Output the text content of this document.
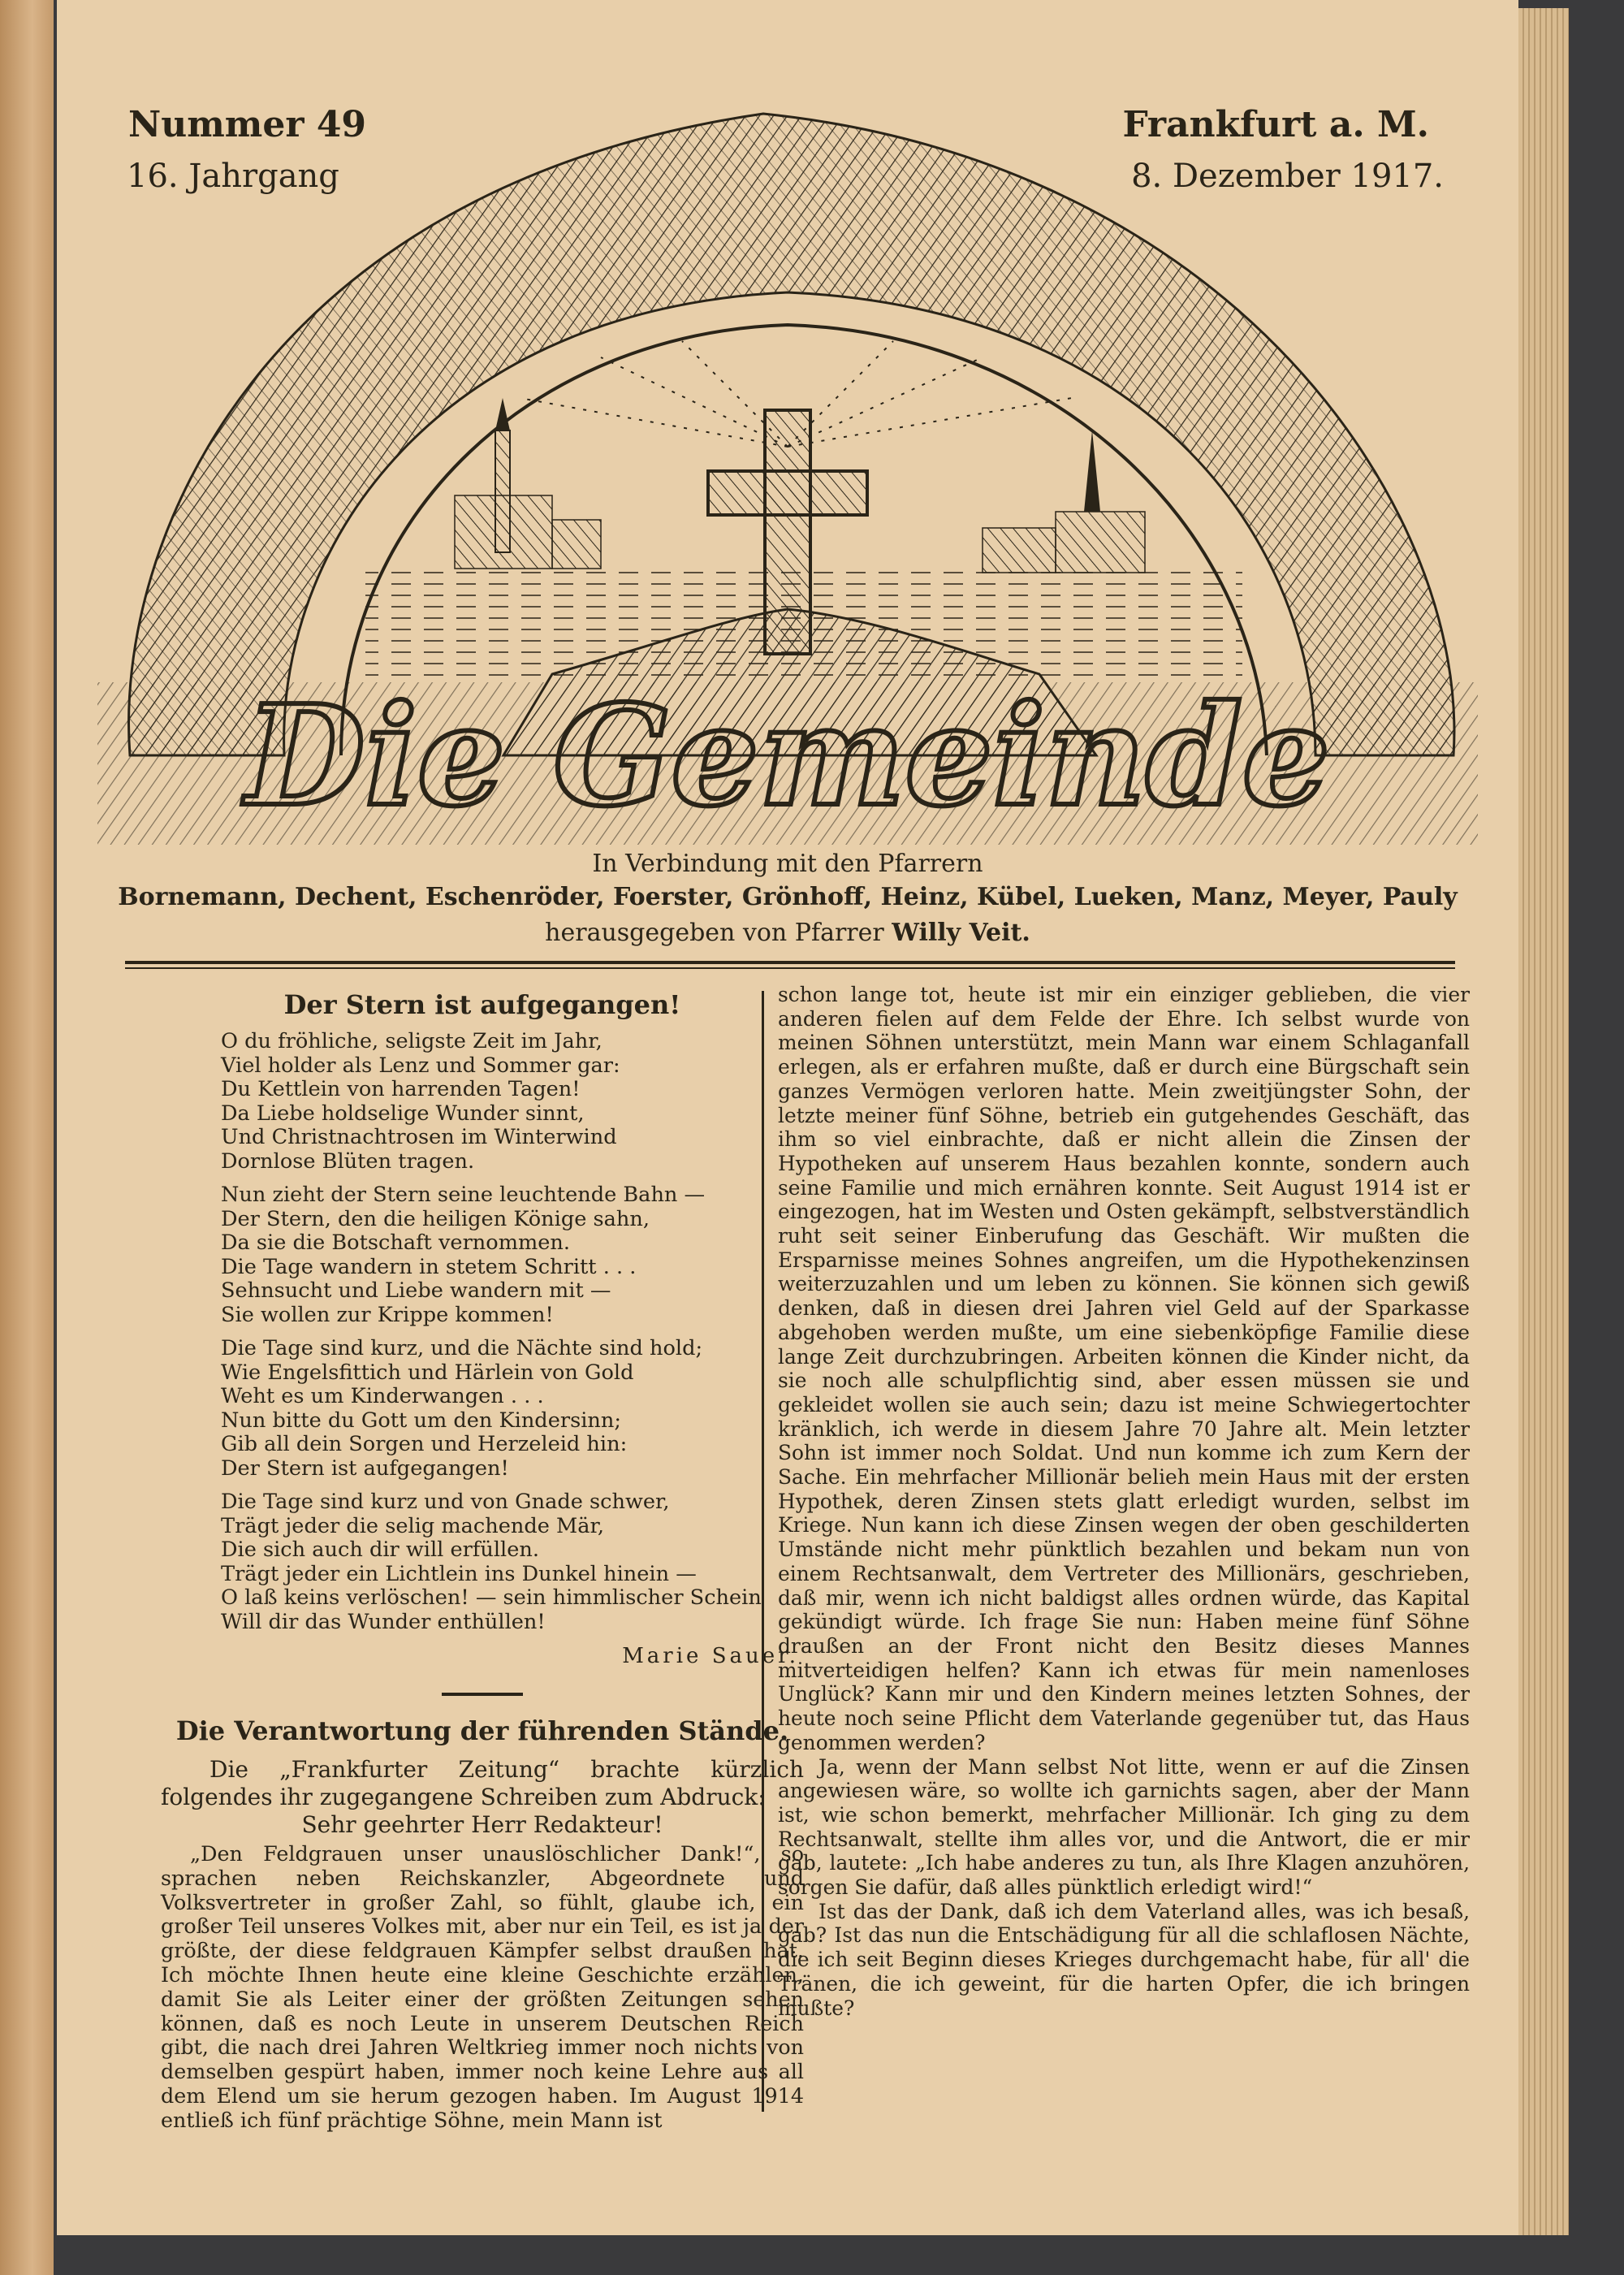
Nummer 49
16. Jahrgang
Frankfurt a. M.
8. Dezember 1917.
Die Gemeinde
In Verbindung mit den Pfarrern
Bornemann, Dechent, Eschenröder, Foerster, Grönhoff, Heinz, Kübel, Lueken, Manz, Meyer, Pauly
herausgegeben von Pfarrer Willy Veit.
Der Stern ist aufgegangen!
O du fröhliche, seligste Zeit im Jahr,
Viel holder als Lenz und Sommer gar:
Du Kettlein von harrenden Tagen!
Da Liebe holdselige Wunder sinnt,
Und Christnachtrosen im Winterwind
Dornlose Blüten tragen.
Nun zieht der Stern seine leuchtende Bahn —
Der Stern, den die heiligen Könige sahn,
Da sie die Botschaft vernommen.
Die Tage wandern in stetem Schritt . . .
Sehnsucht und Liebe wandern mit —
Sie wollen zur Krippe kommen!
Die Tage sind kurz, und die Nächte sind hold;
Wie Engelsfittich und Härlein von Gold
Weht es um Kinderwangen . . .
Nun bitte du Gott um den Kindersinn;
Gib all dein Sorgen und Herzeleid hin:
Der Stern ist aufgegangen!
Die Tage sind kurz und von Gnade schwer,
Trägt jeder die selig machende Mär,
Die sich auch dir will erfüllen.
Trägt jeder ein Lichtlein ins Dunkel hinein —
O laß keins verlöschen! — sein himmlischer Schein
Will dir das Wunder enthüllen!
Marie Sauer.
Die Verantwortung der führenden Stände.
Die „Frankfurter Zeitung“ brachte kürzlich folgendes ihr zugegangene Schreiben zum Abdruck:
Sehr geehrter Herr Redakteur!
„Den Feldgrauen unser unauslöschlicher Dank!“, so sprachen neben Reichskanzler, Abgeordnete und Volksvertreter in großer Zahl, so fühlt, glaube ich, ein großer Teil unseres Volkes mit, aber nur ein Teil, es ist ja der größte, der diese feldgrauen Kämpfer selbst draußen hat. Ich möchte Ihnen heute eine kleine Geschichte erzählen, damit Sie als Leiter einer der größten Zeitungen sehen können, daß es noch Leute in unserem Deutschen Reich gibt, die nach drei Jahren Weltkrieg immer noch nichts von demselben gespürt haben, immer noch keine Lehre aus all dem Elend um sie herum gezogen haben. Im August 1914 entließ ich fünf prächtige Söhne, mein Mann ist

schon lange tot, heute ist mir ein einziger geblieben, die vier anderen fielen auf dem Felde der Ehre. Ich selbst wurde von meinen Söhnen unterstützt, mein Mann war einem Schlaganfall erlegen, als er erfahren mußte, daß er durch eine Bürgschaft sein ganzes Vermögen verloren hatte. Mein zweitjüngster Sohn, der letzte meiner fünf Söhne, betrieb ein gutgehendes Geschäft, das ihm so viel einbrachte, daß er nicht allein die Zinsen der Hypotheken auf unserem Haus bezahlen konnte, sondern auch seine Familie und mich ernähren konnte. Seit August 1914 ist er eingezogen, hat im Westen und Osten gekämpft, selbstverständlich ruht seit seiner Einberufung das Geschäft. Wir mußten die Ersparnisse meines Sohnes angreifen, um die Hypothekenzinsen weiterzuzahlen und um leben zu können. Sie können sich gewiß denken, daß in diesen drei Jahren viel Geld auf der Sparkasse abgehoben werden mußte, um eine siebenköpfige Familie diese lange Zeit durchzubringen. Arbeiten können die Kinder nicht, da sie noch alle schulpflichtig sind, aber essen müssen sie und gekleidet wollen sie auch sein; dazu ist meine Schwiegertochter kränklich, ich werde in diesem Jahre 70 Jahre alt. Mein letzter Sohn ist immer noch Soldat. Und nun komme ich zum Kern der Sache. Ein mehrfacher Millionär belieh mein Haus mit der ersten Hypothek, deren Zinsen stets glatt erledigt wurden, selbst im Kriege. Nun kann ich diese Zinsen wegen der oben geschilderten Umstände nicht mehr pünktlich bezahlen und bekam nun von einem Rechtsanwalt, dem Vertreter des Millionärs, geschrieben, daß mir, wenn ich nicht baldigst alles ordnen würde, das Kapital gekündigt würde. Ich frage Sie nun: Haben meine fünf Söhne draußen an der Front nicht den Besitz dieses Mannes mitverteidigen helfen? Kann ich etwas für mein namenloses Unglück? Kann mir und den Kindern meines letzten Sohnes, der heute noch seine Pflicht dem Vaterlande gegenüber tut, das Haus genommen werden?

Ja, wenn der Mann selbst Not litte, wenn er auf die Zinsen angewiesen wäre, so wollte ich garnichts sagen, aber der Mann ist, wie schon bemerkt, mehrfacher Millionär. Ich ging zu dem Rechtsanwalt, stellte ihm alles vor, und die Antwort, die er mir gab, lautete: „Ich habe anderes zu tun, als Ihre Klagen anzuhören, sorgen Sie dafür, daß alles pünktlich erledigt wird!“

Ist das der Dank, daß ich dem Vaterland alles, was ich besaß, gab? Ist das nun die Entschädigung für all die schlaflosen Nächte, die ich seit Beginn dieses Krieges durchgemacht habe, für all' die Tränen, die ich geweint, für die harten Opfer, die ich bringen mußte?
